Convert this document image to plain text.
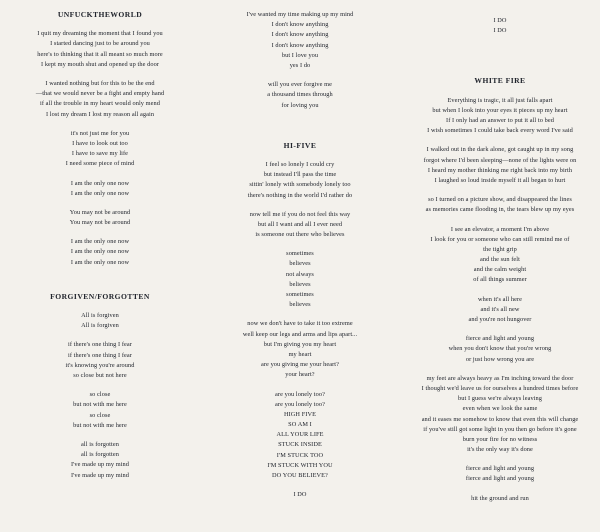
UNFUCKTHEWORLD
I quit my dreaming the moment that I found you
I started dancing just to be around you
here's to thinking that it all meant so much more
I kept my mouth shut and opened up the door
I wanted nothing but for this to be the end
—that we would never be a fight and empty hand
if all the trouble in my heart would only mend
I lost my dream I lost my reason all again
it's not just me for you
I have to look out too
I have to save my life
I need some piece of mind
I am the only one now
I am the only one now
You may not be around
You may not be around
I am the only one now
I am the only one now
I am the only one now
FORGIVEN/FORGOTTEN
All is forgiven
All is forgiven
if there's one thing I fear
if there's one thing I fear
it's knowing you're around
so close but not here
so close
but not with me here
so close
but not with me here
all is forgotten
all is forgotten
I've made up my mind
I've made up my mind
I've wanted my time making up my mind
I don't know anything
I don't know anything
I don't know anything
but I love you
yes I do
will you ever forgive me
a thousand times through
for loving you
HI-FIVE
I feel so lonely I could cry
but instead I'll pass the time
sittin' lonely with somebody lonely too
there's nothing in the world I'd rather do
now tell me if you do not feel this way
but all I want and all I ever need
is someone out there who believes
sometimes
believes
not always
believes
sometimes
believes
now we don't have to take it too extreme
well keep our legs and arms and lips apart...
but I'm giving you my heart
my heart
are you giving me your heart?
your heart?
are you lonely too?
are you lonely too?
HIGH FIVE
SO AM I
ALL YOUR LIFE
STUCK INSIDE
I'M STUCK TOO
I'M STUCK WITH YOU
DO YOU BELIEVE?
I DO
I DO
I DO
WHITE FIRE
Everything is tragic, it all just falls apart
but when I look into your eyes it pieces up my heart
If I only had an answer to put it all to bed
I wish sometimes I could take back every word I've said
I walked out in the dark alone, got caught up in my song
forgot where I'd been sleeping—none of the lights were on
I heard my mother thinking me right back into my birth
I laughed so loud inside myself it all began to hurt
so I turned on a picture show, and disappeared the lines
as memories came flooding in, the tears blew up my eyes
I see an elevator, a moment I'm above
I look for you or someone who can still remind me of
the tight grip
and the sun felt
and the calm weight
of all things summer
when it's all here
and it's all new
and you're not hungover
fierce and light and young
when you don't know that you're wrong
or just how wrong you are
my feet are always heavy as I'm inching toward the door
I thought we'd leave us for ourselves a hundred times before
but I guess we're always leaving
even when we look the same
and it eases me somehow to know that even this will change
if you've still got some light in you then go before it's gone
burn your fire for no witness
it's the only way it's done
fierce and light and young
fierce and light and young
hit the ground and run
